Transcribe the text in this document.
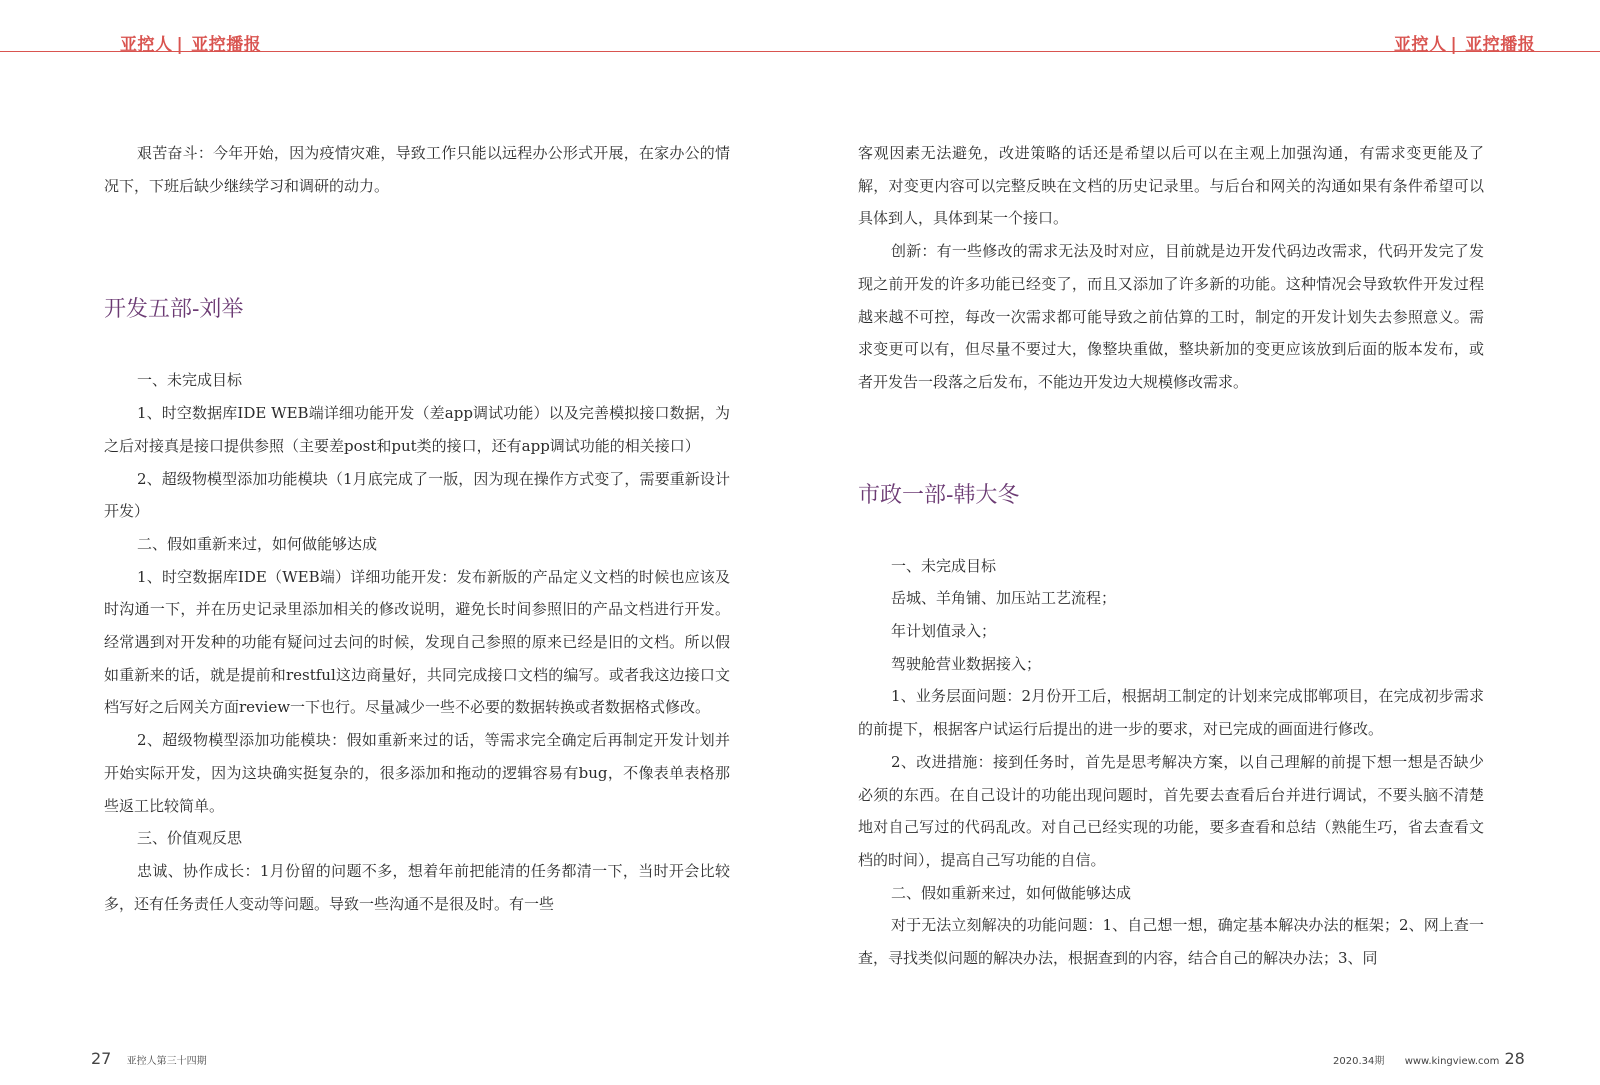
亚控人 | 亚控播报	亚控人 | 亚控播报

艰苦奋斗：今年开始，因为疫情灾难，导致工作只能以远程办公形式开展，在家办公的情况下，下班后缺少继续学习和调研的动力。

开发五部-刘举

一、未完成目标

1、时空数据库IDE WEB端详细功能开发（差app调试功能）以及完善模拟接口数据，为之后对接真是接口提供参照（主要差post和put类的接口，还有app调试功能的相关接口）

2、超级物模型添加功能模块（1月底完成了一版，因为现在操作方式变了，需要重新设计开发）

二、假如重新来过，如何做能够达成

1、时空数据库IDE（WEB端）详细功能开发：发布新版的产品定义文档的时候也应该及时沟通一下，并在历史记录里添加相关的修改说明，避免长时间参照旧的产品文档进行开发。经常遇到对开发种的功能有疑问过去问的时候，发现自己参照的原来已经是旧的文档。所以假如重新来的话，就是提前和restful这边商量好，共同完成接口文档的编写。或者我这边接口文档写好之后网关方面review一下也行。尽量减少一些不必要的数据转换或者数据格式修改。

2、超级物模型添加功能模块：假如重新来过的话，等需求完全确定后再制定开发计划并开始实际开发，因为这块确实挺复杂的，很多添加和拖动的逻辑容易有bug，不像表单表格那些返工比较简单。

三、价值观反思

忠诚、协作成长：1月份留的问题不多，想着年前把能清的任务都清一下，当时开会比较多，还有任务责任人变动等问题。导致一些沟通不是很及时。有一些

客观因素无法避免，改进策略的话还是希望以后可以在主观上加强沟通，有需求变更能及了解，对变更内容可以完整反映在文档的历史记录里。与后台和网关的沟通如果有条件希望可以具体到人，具体到某一个接口。

创新：有一些修改的需求无法及时对应，目前就是边开发代码边改需求，代码开发完了发现之前开发的许多功能已经变了，而且又添加了许多新的功能。这种情况会导致软件开发过程越来越不可控，每改一次需求都可能导致之前估算的工时，制定的开发计划失去参照意义。需求变更可以有，但尽量不要过大，像整块重做，整块新加的变更应该放到后面的版本发布，或者开发告一段落之后发布，不能边开发边大规模修改需求。

市政一部-韩大冬

一、未完成目标

岳城、羊角铺、加压站工艺流程；

年计划值录入；

驾驶舱营业数据接入；

1、业务层面问题：2月份开工后，根据胡工制定的计划来完成邯郸项目，在完成初步需求的前提下，根据客户试运行后提出的进一步的要求，对已完成的画面进行修改。

2、改进措施：接到任务时，首先是思考解决方案，以自己理解的前提下想一想是否缺少必须的东西。在自己设计的功能出现问题时，首先要去查看后台并进行调试，不要头脑不清楚地对自己写过的代码乱改。对自己已经实现的功能，要多查看和总结（熟能生巧，省去查看文档的时间），提高自己写功能的自信。

二、假如重新来过，如何做能够达成

对于无法立刻解决的功能问题：1、自己想一想，确定基本解决办法的框架；2、网上查一查，寻找类似问题的解决办法，根据查到的内容，结合自己的解决办法；3、同

27 亚控人第三十四期	2020.34期 www.kingview.com 28
